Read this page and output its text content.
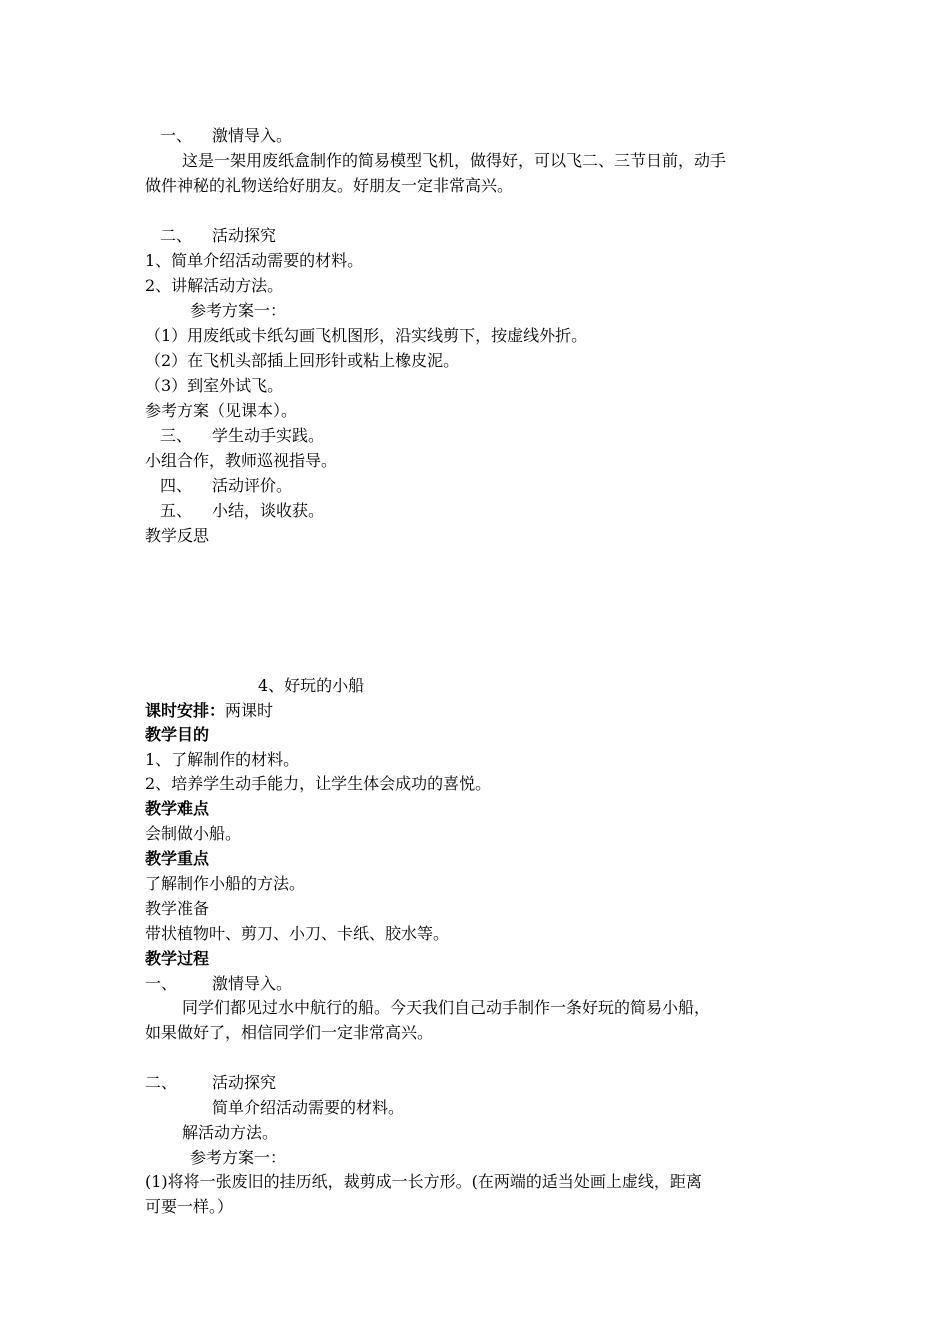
一、 激情导入。
这是一架用废纸盒制作的简易模型飞机，做得好，可以飞二、三节日前，动手
做件神秘的礼物送给好朋友。好朋友一定非常高兴。
二、 活动探究
1、简单介绍活动需要的材料。
2、讲解活动方法。
参考方案一：
（1）用废纸或卡纸勾画飞机图形，沿实线剪下，按虚线外折。
（2）在飞机头部插上回形针或粘上橡皮泥。
（3）到室外试飞。
参考方案（见课本）。
三、 学生动手实践。
小组合作，教师巡视指导。
四、 活动评价。
五、 小结，谈收获。
教学反思
4、好玩的小船
课时安排：两课时
教学目的
1、了解制作的材料。
2、培养学生动手能力，让学生体会成功的喜悦。
教学难点
会制做小船。
教学重点
了解制作小船的方法。
教学准备
带状植物叶、剪刀、小刀、卡纸、胶水等。
教学过程
一、 激情导入。
同学们都见过水中航行的船。今天我们自己动手制作一条好玩的简易小船，
如果做好了，相信同学们一定非常高兴。
二、 活动探究
简单介绍活动需要的材料。
解活动方法。
参考方案一：
(1)将将一张废旧的挂历纸，裁剪成一长方形。(在两端的适当处画上虚线，距离
可要一样。）
